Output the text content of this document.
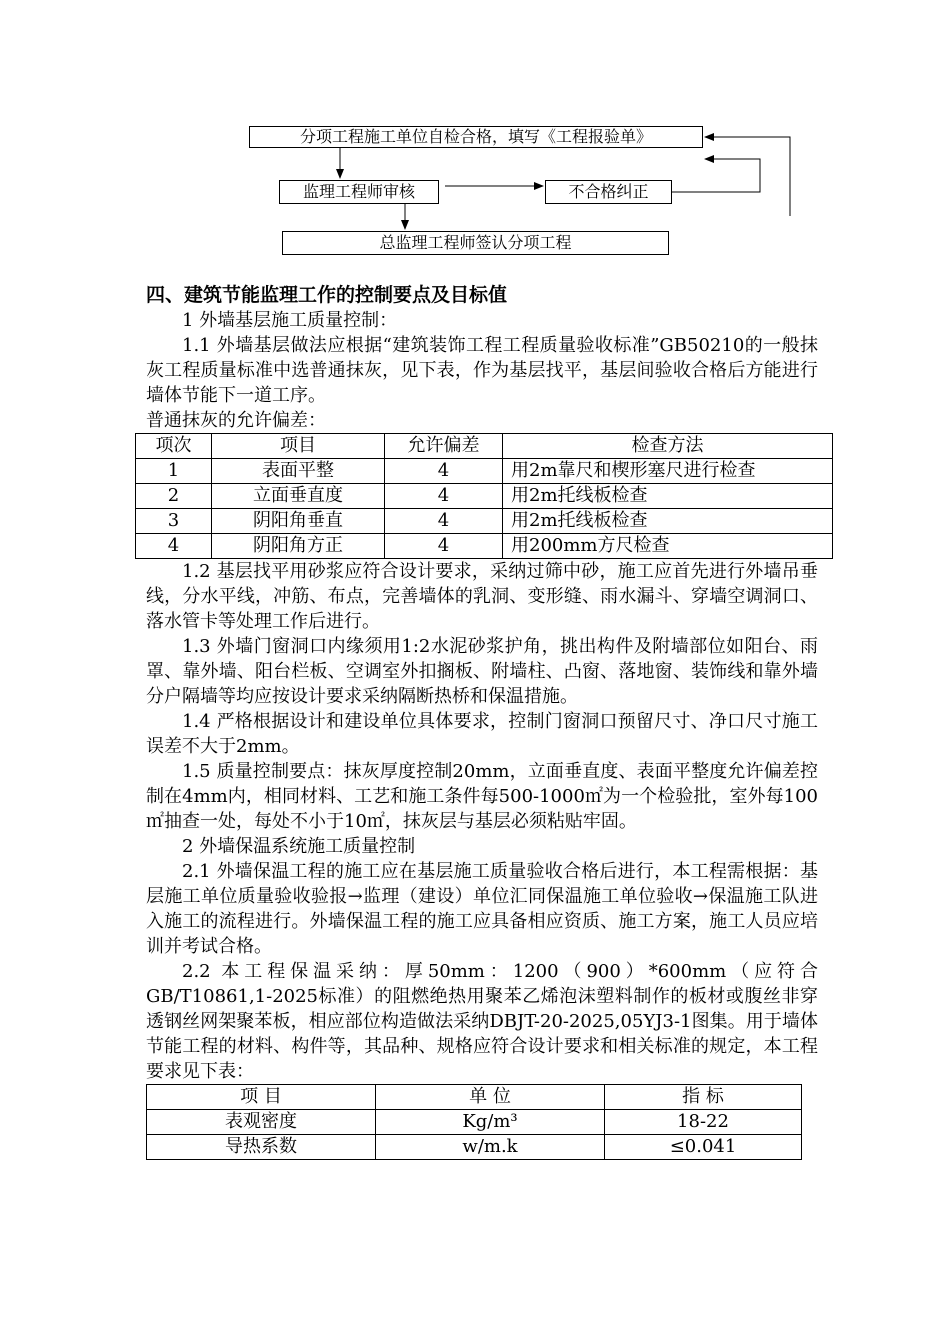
分项工程施工单位自检合格，填写《工程报验单》
监理工程师审核	不合格纠正
总监理工程师签认分项工程

四、建筑节能监理工作的控制要点及目标值

1 外墙基层施工质量控制：

1.1 外墙基层做法应根据“建筑装饰工程工程质量验收标准”GB50210的一般抹灰工程质量标准中选普通抹灰，见下表，作为基层找平，基层间验收合格后方能进行墙体节能下一道工序。

普通抹灰的允许偏差：

项次	项目	允许偏差	检查方法
1	表面平整	4	用2m靠尺和楔形塞尺进行检查
2	立面垂直度	4	用2m托线板检查
3	阴阳角垂直	4	用2m托线板检查
4	阴阳角方正	4	用200mm方尺检查

1.2 基层找平用砂浆应符合设计要求，采纳过筛中砂，施工应首先进行外墙吊垂线，分水平线，冲筋、布点，完善墙体的乳洞、变形缝、雨水漏斗、穿墙空调洞口、落水管卡等处理工作后进行。

1.3 外墙门窗洞口内缘须用1:2水泥砂浆护角，挑出构件及附墙部位如阳台、雨罩、靠外墙、阳台栏板、空调室外扣搁板、附墙柱、凸窗、落地窗、装饰线和靠外墙分户隔墙等均应按设计要求采纳隔断热桥和保温措施。

1.4 严格根据设计和建设单位具体要求，控制门窗洞口预留尺寸、净口尺寸施工误差不大于2mm。

1.5 质量控制要点：抹灰厚度控制20mm，立面垂直度、表面平整度允许偏差控制在4mm内，相同材料、工艺和施工条件每500-1000㎡为一个检验批，室外每100㎡抽查一处，每处不小于10㎡，抹灰层与基层必须粘贴牢固。

2 外墙保温系统施工质量控制

2.1 外墙保温工程的施工应在基层施工质量验收合格后进行，本工程需根据：基层施工单位质量验收验报→监理（建设）单位汇同保温施工单位验收→保温施工队进入施工的流程进行。外墙保温工程的施工应具备相应资质、施工方案，施工人员应培训并考试合格。

2.2 本工程保温采纳：厚50mm：1200（900）*600mm（应符合GB/T10861,1-2025标准）的阻燃绝热用聚苯乙烯泡沫塑料制作的板材或腹丝非穿透钢丝网架聚苯板，相应部位构造做法采纳DBJT-20-2025,05YJ3-1图集。用于墙体节能工程的材料、构件等，其品种、规格应符合设计要求和相关标准的规定，本工程要求见下表：

项 目	单 位	指 标
表观密度	Kg/m³	18-22
导热系数	w/m.k	≤0.041
